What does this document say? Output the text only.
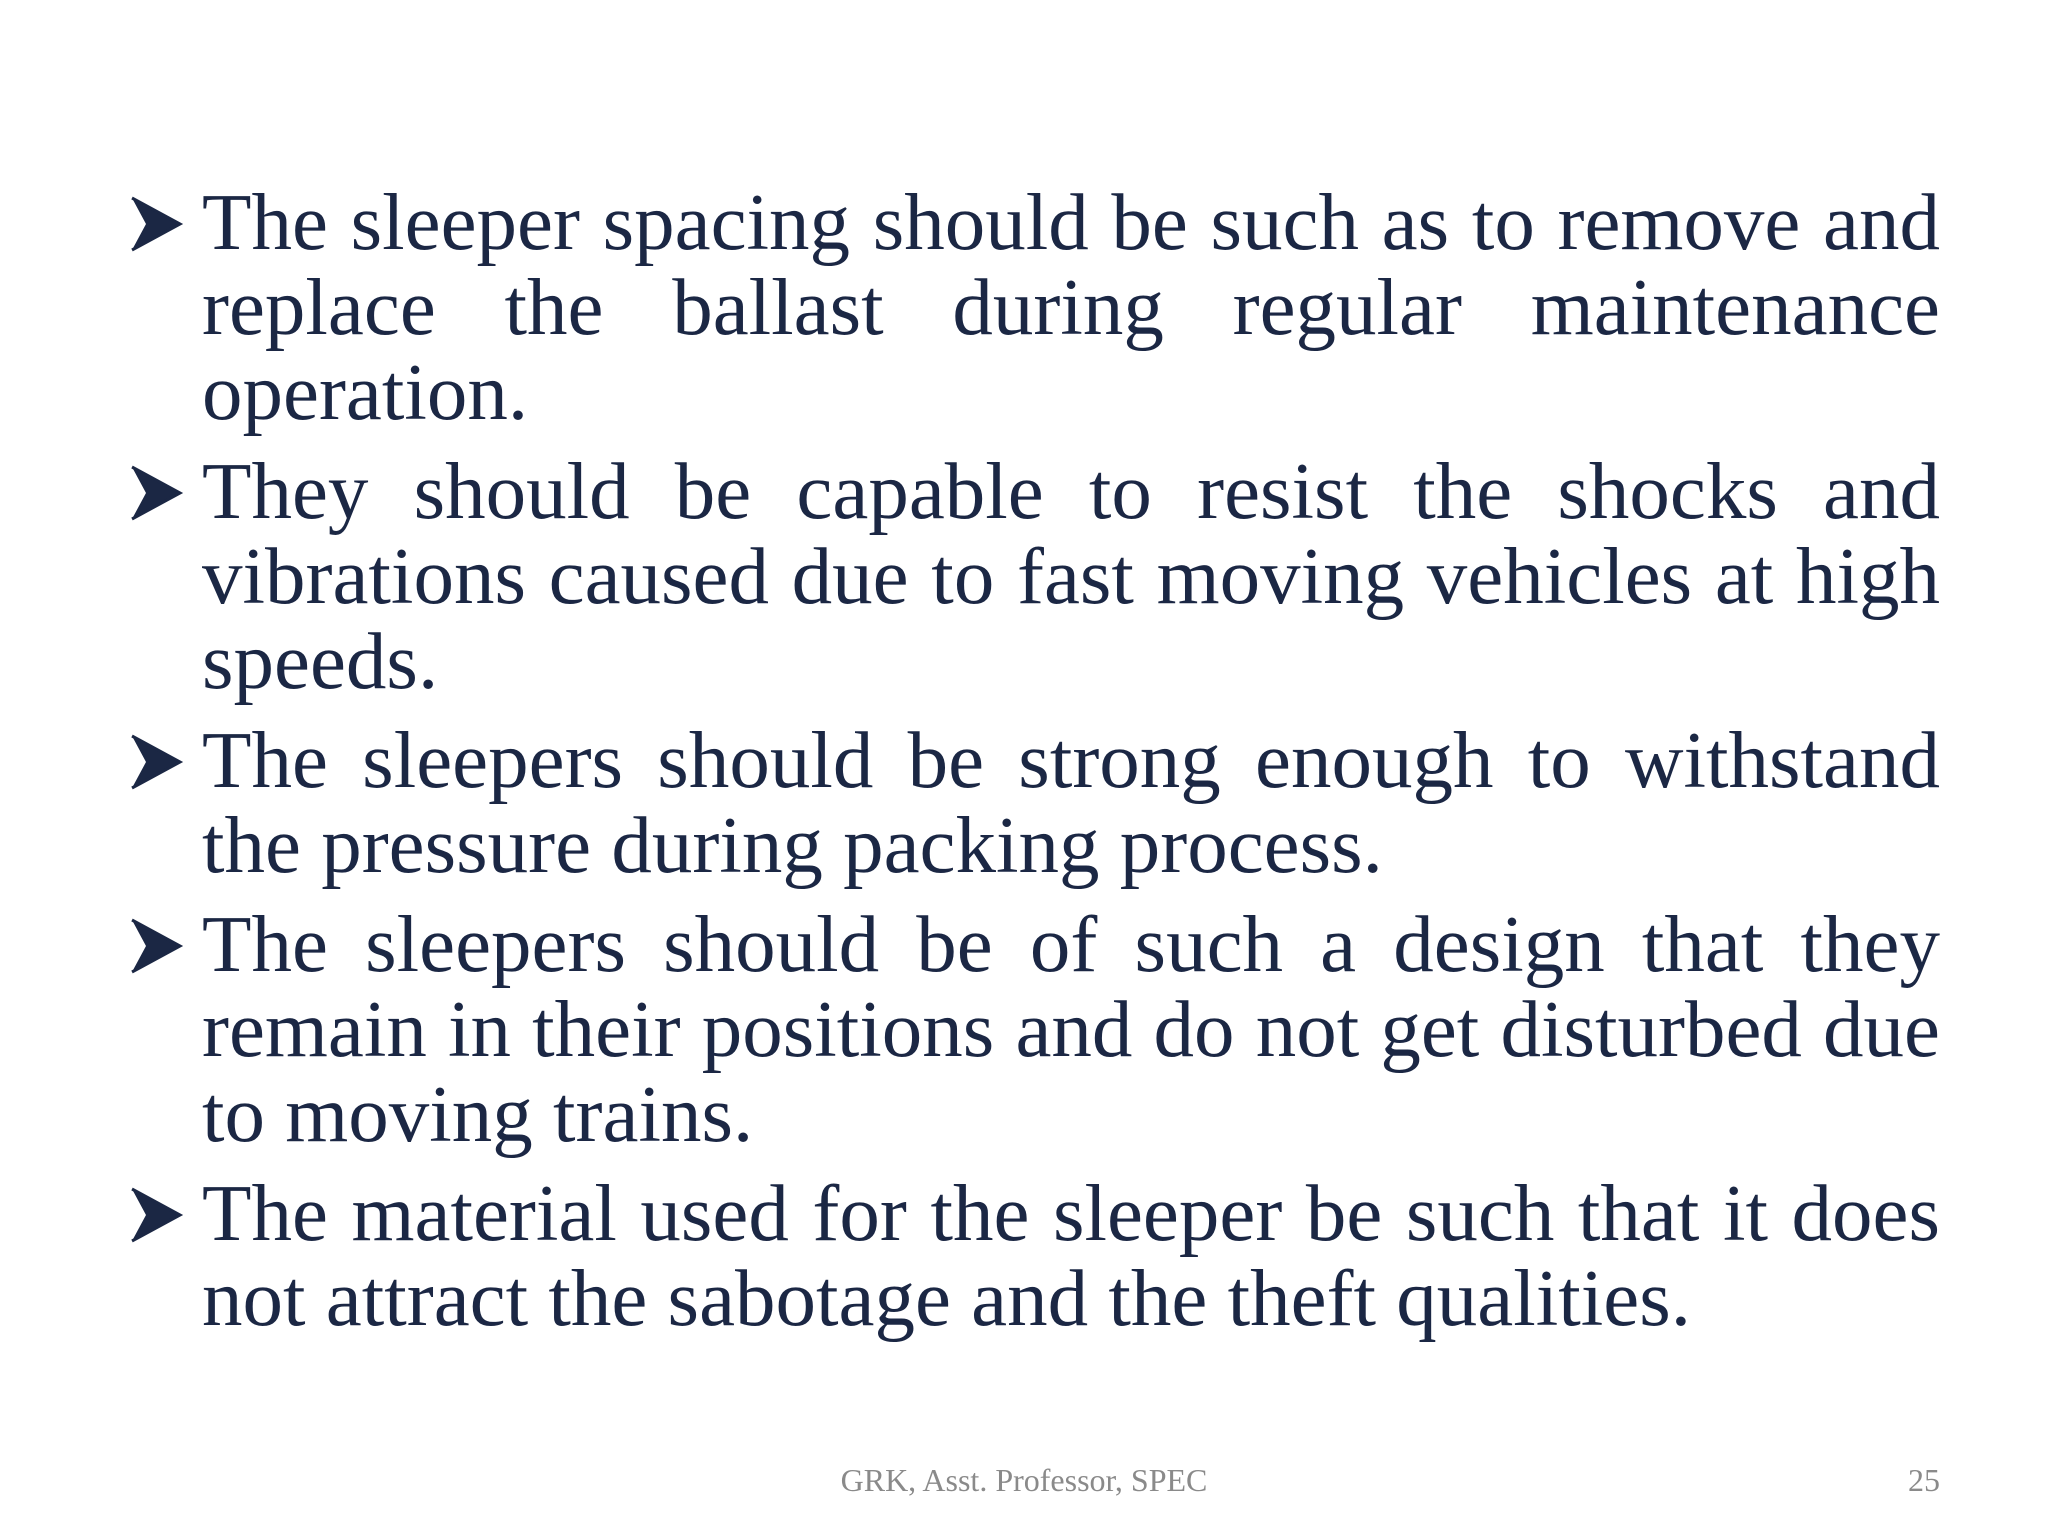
The sleeper spacing should be such as to remove and replace the ballast during regular maintenance operation.
They should be capable to resist the shocks and vibrations caused due to fast moving vehicles at high speeds.
The sleepers should be strong enough to withstand the pressure during packing process.
The sleepers should be of such a design that they remain in their positions and do not get disturbed due to moving trains.
The material used for the sleeper be such that it does not attract the sabotage and the theft qualities.
GRK, Asst. Professor, SPEC	25
